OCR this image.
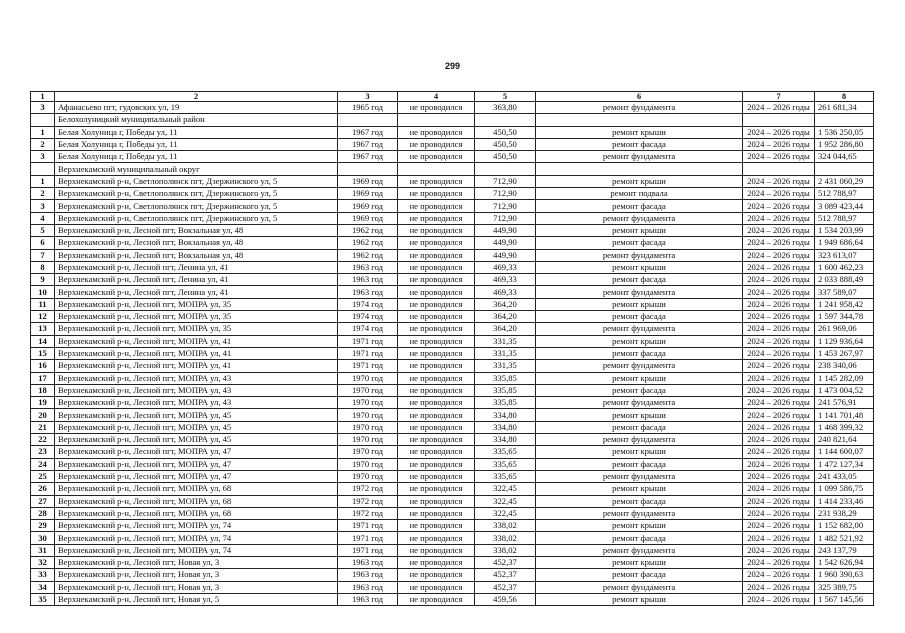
299
1	2	3	4	5	6	7	8
3	Афанасьево пгт, гудовских ул, 19	1965 год	не проводился	363,80	ремонт фундамента	2024 – 2026 годы	261 681,34
	Белохолуницкий муниципальный район						
1	Белая Холуница г, Победы ул, 11	1967 год	не проводился	450,50	ремонт крыши	2024 – 2026 годы	1 536 250,05
2	Белая Холуница г, Победы ул, 11	1967 год	не проводился	450,50	ремонт фасада	2024 – 2026 годы	1 952 286,80
3	Белая Холуница г, Победы ул, 11	1967 год	не проводился	450,50	ремонт фундамента	2024 – 2026 годы	324 044,65
	Верхнекамский муниципальный округ						
1	Верхнекамский р-н, Светлополянск пгт, Дзержинского ул, 5	1969 год	не проводился	712,90	ремонт крыши	2024 – 2026 годы	2 431 060,29
2	Верхнекамский р-н, Светлополянск пгт, Дзержинского ул, 5	1969 год	не проводился	712,90	ремонт подвала	2024 – 2026 годы	512 788,97
3	Верхнекамский р-н, Светлополянск пгт, Дзержинского ул, 5	1969 год	не проводился	712,90	ремонт фасада	2024 – 2026 годы	3 089 423,44
4	Верхнекамский р-н, Светлополянск пгт, Дзержинского ул, 5	1969 год	не проводился	712,90	ремонт фундамента	2024 – 2026 годы	512 788,97
5	Верхнекамский р-н, Лесной пгт, Вокзальная ул, 48	1962 год	не проводился	449,90	ремонт крыши	2024 – 2026 годы	1 534 203,99
6	Верхнекамский р-н, Лесной пгт, Вокзальная ул, 48	1962 год	не проводился	449,90	ремонт фасада	2024 – 2026 годы	1 949 686,64
7	Верхнекамский р-н, Лесной пгт, Вокзальная ул, 48	1962 год	не проводился	449,90	ремонт фундамента	2024 – 2026 годы	323 613,07
8	Верхнекамский р-н, Лесной пгт, Ленина ул, 41	1963 год	не проводился	469,33	ремонт крыши	2024 – 2026 годы	1 600 462,23
9	Верхнекамский р-н, Лесной пгт, Ленина ул, 41	1963 год	не проводился	469,33	ремонт фасада	2024 – 2026 годы	2 033 888,49
10	Верхнекамский р-н, Лесной пгт, Ленина ул, 41	1963 год	не проводился	469,33	ремонт фундамента	2024 – 2026 годы	337 589,07
11	Верхнекамский р-н, Лесной пгт, МОПРА ул, 35	1974 год	не проводился	364,20	ремонт крыши	2024 – 2026 годы	1 241 958,42
12	Верхнекамский р-н, Лесной пгт, МОПРА ул, 35	1974 год	не проводился	364,20	ремонт фасада	2024 – 2026 годы	1 597 344,78
13	Верхнекамский р-н, Лесной пгт, МОПРА ул, 35	1974 год	не проводился	364,20	ремонт фундамента	2024 – 2026 годы	261 969,06
14	Верхнекамский р-н, Лесной пгт, МОПРА ул, 41	1971 год	не проводился	331,35	ремонт крыши	2024 – 2026 годы	1 129 936,64
15	Верхнекамский р-н, Лесной пгт, МОПРА ул, 41	1971 год	не проводился	331,35	ремонт фасада	2024 – 2026 годы	1 453 267,97
16	Верхнекамский р-н, Лесной пгт, МОПРА ул, 41	1971 год	не проводился	331,35	ремонт фундамента	2024 – 2026 годы	238 340,06
17	Верхнекамский р-н, Лесной пгт, МОПРА ул, 43	1970 год	не проводился	335,85	ремонт крыши	2024 – 2026 годы	1 145 282,09
18	Верхнекамский р-н, Лесной пгт, МОПРА ул, 43	1970 год	не проводился	335,85	ремонт фасада	2024 – 2026 годы	1 473 004,52
19	Верхнекамский р-н, Лесной пгт, МОПРА ул, 43	1970 год	не проводился	335,85	ремонт фундамента	2024 – 2026 годы	241 576,91
20	Верхнекамский р-н, Лесной пгт, МОПРА ул, 45	1970 год	не проводился	334,80	ремонт крыши	2024 – 2026 годы	1 141 701,48
21	Верхнекамский р-н, Лесной пгт, МОПРА ул, 45	1970 год	не проводился	334,80	ремонт фасада	2024 – 2026 годы	1 468 399,32
22	Верхнекамский р-н, Лесной пгт, МОПРА ул, 45	1970 год	не проводился	334,80	ремонт фундамента	2024 – 2026 годы	240 821,64
23	Верхнекамский р-н, Лесной пгт, МОПРА ул, 47	1970 год	не проводился	335,65	ремонт крыши	2024 – 2026 годы	1 144 600,07
24	Верхнекамский р-н, Лесной пгт, МОПРА ул, 47	1970 год	не проводился	335,65	ремонт фасада	2024 – 2026 годы	1 472 127,34
25	Верхнекамский р-н, Лесной пгт, МОПРА ул, 47	1970 год	не проводился	335,65	ремонт фундамента	2024 – 2026 годы	241 433,05
26	Верхнекамский р-н, Лесной пгт, МОПРА ул, 68	1972 год	не проводился	322,45	ремонт крыши	2024 – 2026 годы	1 099 586,75
27	Верхнекамский р-н, Лесной пгт, МОПРА ул, 68	1972 год	не проводился	322,45	ремонт фасада	2024 – 2026 годы	1 414 233,46
28	Верхнекамский р-н, Лесной пгт, МОПРА ул, 68	1972 год	не проводился	322,45	ремонт фундамента	2024 – 2026 годы	231 938,29
29	Верхнекамский р-н, Лесной пгт, МОПРА ул, 74	1971 год	не проводился	338,02	ремонт крыши	2024 – 2026 годы	1 152 682,00
30	Верхнекамский р-н, Лесной пгт, МОПРА ул, 74	1971 год	не проводился	338,02	ремонт фасада	2024 – 2026 годы	1 482 521,92
31	Верхнекамский р-н, Лесной пгт, МОПРА ул, 74	1971 год	не проводился	338,02	ремонт фундамента	2024 – 2026 годы	243 137,79
32	Верхнекамский р-н, Лесной пгт, Новая ул, 3	1963 год	не проводился	452,37	ремонт крыши	2024 – 2026 годы	1 542 626,94
33	Верхнекамский р-н, Лесной пгт, Новая ул, 3	1963 год	не проводился	452,37	ремонт фасада	2024 – 2026 годы	1 960 390,63
34	Верхнекамский р-н, Лесной пгт, Новая ул, 3	1963 год	не проводился	452,37	ремонт фундамента	2024 – 2026 годы	325 389,75
35	Верхнекамский р-н, Лесной пгт, Новая ул, 5	1963 год	не проводился	459,56	ремонт крыши	2024 – 2026 годы	1 567 145,56
